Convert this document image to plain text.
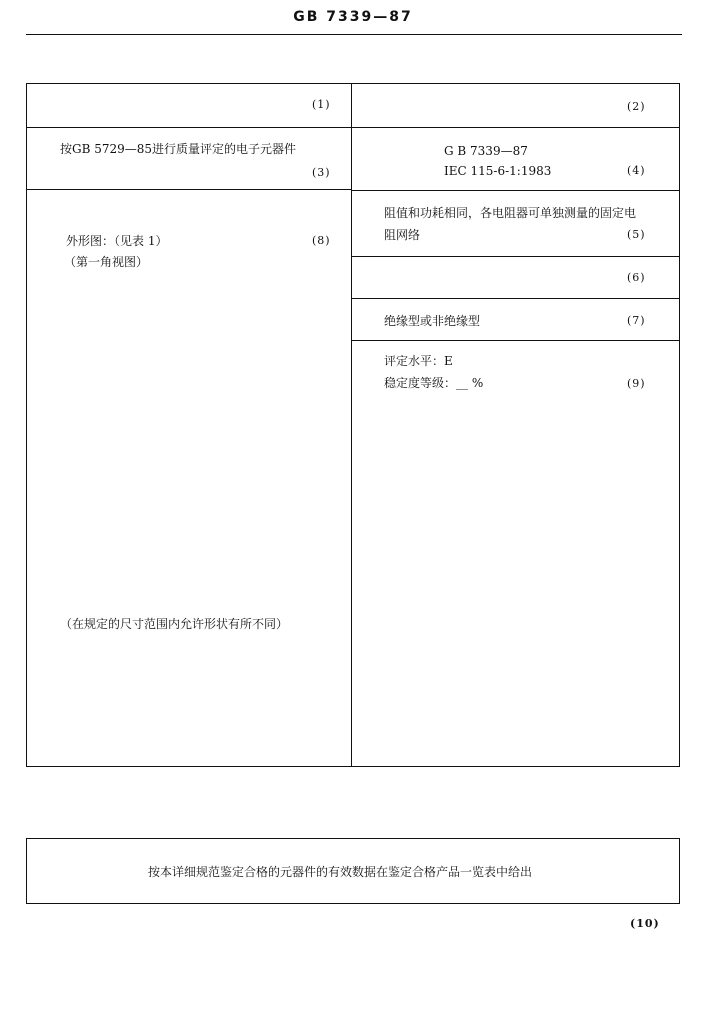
GB 7339—87
(1)	(2)
按GB 5729—85进行质量评定的电子元器件
(3)
G B 7339—87
IEC 115-6-1:1983	(4)
外形图：（见表 1）
（第一角视图）
(8)
（在规定的尺寸范围内允许形状有所不同）
阻值和功耗相同，各电阻器可单独测量的固定电
阻网络	(5)
(6)
绝缘型或非绝缘型	(7)
评定水平：E
稳定度等级：__ %	(9)
按本详细规范鉴定合格的元器件的有效数据在鉴定合格产品一览表中给出
(10)
